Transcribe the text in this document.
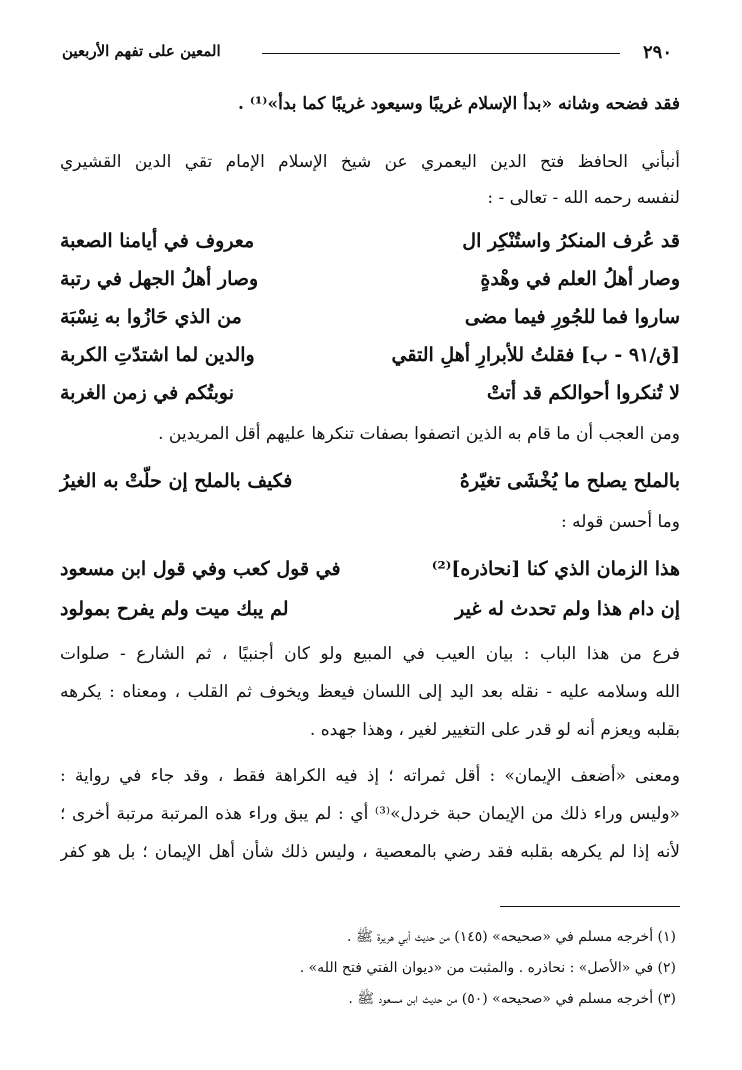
٢٩٠
المعين على تفهم الأربعين
فقد فضحه وشانه «بدأ الإسلام غريبًا وسيعود غريبًا كما بدأ»⁽¹⁾ .
أنبأني الحافظ فتح الدين اليعمري عن شيخ الإسلام الإمام تقي الدين القشيري
لنفسه رحمه الله - تعالى - :
قد عُرف المنكرُ واستُنْكِر ال
معروف في أيامنا الصعبة
وصار أهلُ العلم في وهْدةٍ
وصار أهلُ الجهل في رتبة
ساروا فما للجُورِ فيما مضى
من الذي حَازُوا به نِسْبَة
[ق/٩١ - ب] فقلتُ للأبرارِ أهلِ التقي
والدين لما اشتدّتِ الكربة
لا تُنكروا أحوالكم قد أتتْ
نوبتُكم في زمن الغربة
ومن العجب أن ما قام به الذين اتصفوا بصفات تنكرها عليهم أقل المريدين .
بالملح يصلح ما يُخْشَى تغيّرهُ
فكيف بالملح إن حلّتْ به الغيرُ
وما أحسن قوله :
هذا الزمان الذي كنا [نحاذره]⁽²⁾
في قول كعب وفي قول ابن مسعود
إن دام هذا ولم تحدث له غير
لم يبك ميت ولم يفرح بمولود
فرع من هذا الباب : بيان العيب في المبيع ولو كان أجنبيًا ، ثم الشارع - صلوات
الله وسلامه عليه - نقله بعد اليد إلى اللسان فيعظ ويخوف ثم القلب ، ومعناه : يكرهه
بقلبه ويعزم أنه لو قدر على التغيير لغير ، وهذا جهده .
ومعنى «أضعف الإيمان» : أقل ثمراته ؛ إذ فيه الكراهة فقط ، وقد جاء في رواية :
«وليس وراء ذلك من الإيمان حبة خردل»⁽³⁾ أي : لم يبق وراء هذه المرتبة مرتبة أخرى ؛
لأنه إذا لم يكرهه بقلبه فقد رضي بالمعصية ، وليس ذلك شأن أهل الإيمان ؛ بل هو كفر
(١) أخرجه مسلم في «صحيحه» (١٤٥) من حديث أبي هريرة ﷺ .
(٢) في «الأصل» : نحاذره . والمثبت من «ديوان الفتي فتح الله» .
(٣) أخرجه مسلم في «صحيحه» (٥٠) من حديث ابن مسعود ﷺ .
